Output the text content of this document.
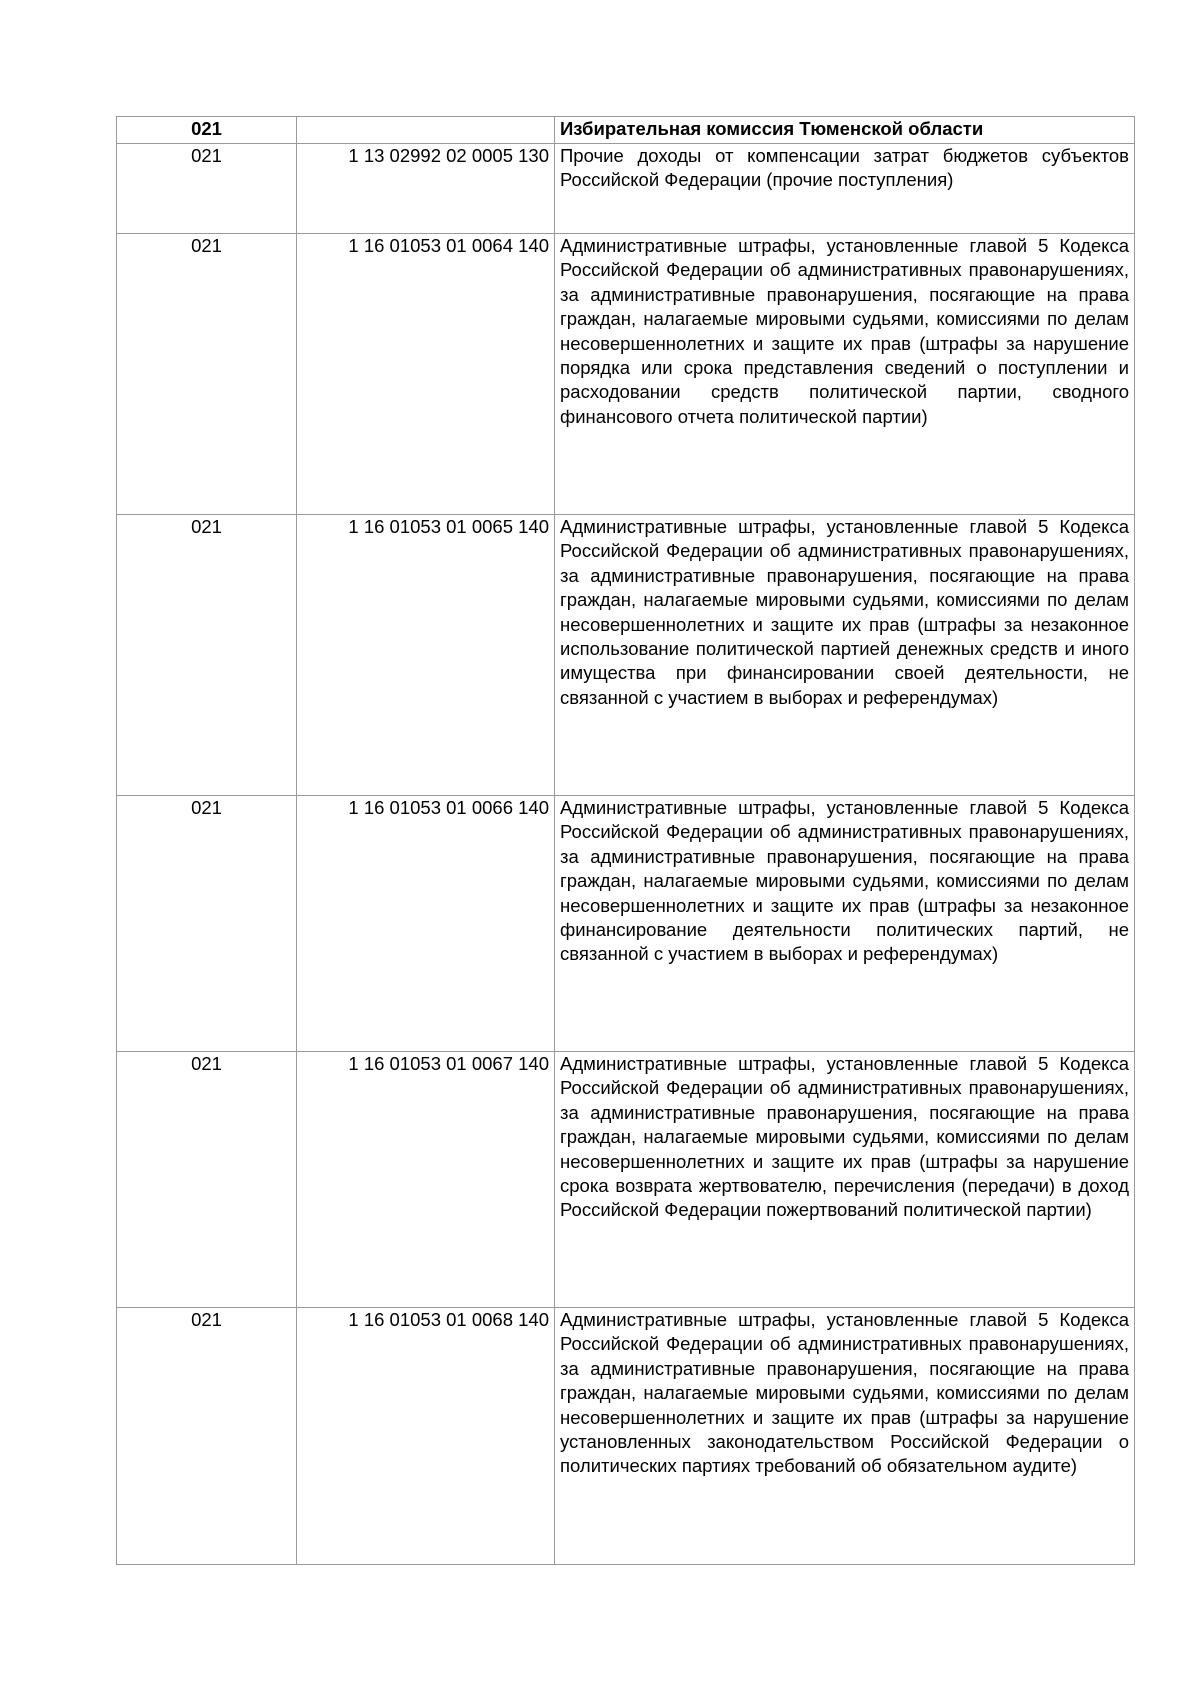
021		Избирательная комиссия Тюменской области
021	1 13 02992 02 0005 130	Прочие доходы от компенсации затрат бюджетов субъектов Российской Федерации (прочие поступления)
021	1 16 01053 01 0064 140	Административные штрафы, установленные главой 5 Кодекса Российской Федерации об административных правонарушениях, за административные правонарушения, посягающие на права граждан, налагаемые мировыми судьями, комиссиями по делам несовершеннолетних и защите их прав (штрафы за нарушение порядка или срока представления сведений о поступлении и расходовании средств политической партии, сводного финансового отчета политической партии)
021	1 16 01053 01 0065 140	Административные штрафы, установленные главой 5 Кодекса Российской Федерации об административных правонарушениях, за административные правонарушения, посягающие на права граждан, налагаемые мировыми судьями, комиссиями по делам несовершеннолетних и защите их прав (штрафы за незаконное использование политической партией денежных средств и иного имущества при финансировании своей деятельности, не связанной с участием в выборах и референдумах)
021	1 16 01053 01 0066 140	Административные штрафы, установленные главой 5 Кодекса Российской Федерации об административных правонарушениях, за административные правонарушения, посягающие на права граждан, налагаемые мировыми судьями, комиссиями по делам несовершеннолетних и защите их прав (штрафы за незаконное финансирование деятельности политических партий, не связанной с участием в выборах и референдумах)
021	1 16 01053 01 0067 140	Административные штрафы, установленные главой 5 Кодекса Российской Федерации об административных правонарушениях, за административные правонарушения, посягающие на права граждан, налагаемые мировыми судьями, комиссиями по делам несовершеннолетних и защите их прав (штрафы за нарушение срока возврата жертвователю, перечисления (передачи) в доход Российской Федерации пожертвований политической партии)
021	1 16 01053 01 0068 140	Административные штрафы, установленные главой 5 Кодекса Российской Федерации об административных правонарушениях, за административные правонарушения, посягающие на права граждан, налагаемые мировыми судьями, комиссиями по делам несовершеннолетних и защите их прав (штрафы за нарушение установленных законодательством Российской Федерации о политических партиях требований об обязательном аудите)
